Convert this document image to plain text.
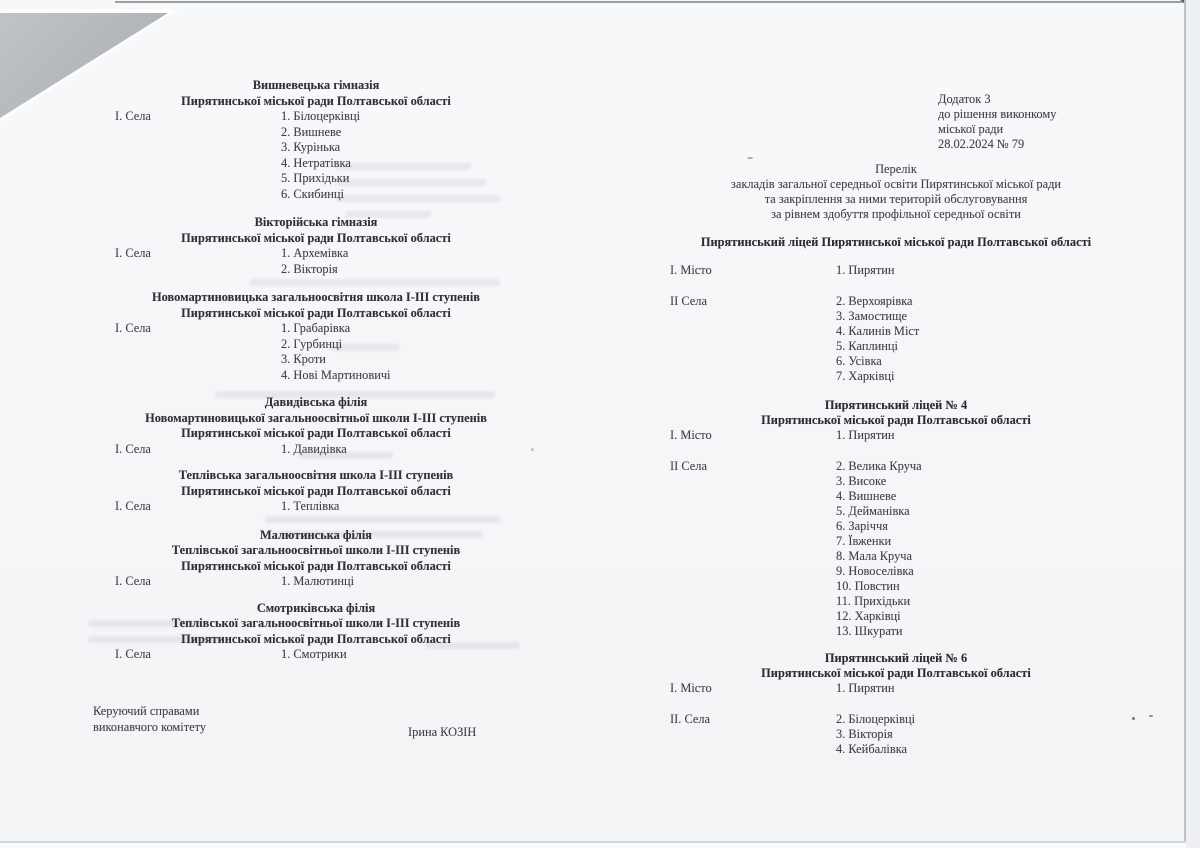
Вишневецька гімназія
Пирятинської міської ради Полтавської області
І. Села	1. Білоцерківці
2. Вишневе
3. Курінька
4. Нетратівка
5. Прихідьки
6. Скибинці
Вікторійська гімназія
Пирятинської міської ради Полтавської області
І. Села	1. Архемівка
2. Вікторія
Новомартиновицька загальноосвітня школа І-ІІІ ступенів
Пирятинської міської ради Полтавської області
І. Села	1. Грабарівка
2. Гурбинці
3. Кроти
4. Нові Мартиновичі
Давидівська філія
Новомартиновицької загальноосвітньої школи І-ІІІ ступенів
Пирятинської міської ради Полтавської області
І. Села	1. Давидівка
Теплівська загальноосвітня школа І-ІІІ ступенів
Пирятинської міської ради Полтавської області
І. Села	1. Теплівка
Малютинська філія
Теплівської загальноосвітньої школи І-ІІІ ступенів
Пирятинської міської ради Полтавської області
І. Села	1. Малютинці
Смотриківська філія
Теплівської загальноосвітньої школи І-ІІІ ступенів
Пирятинської міської ради Полтавської області
І. Села	1. Смотрики
Керуючий справами
виконавчого комітету	Ірина КОЗІН
Додаток 3
до рішення виконкому
міської ради
28.02.2024 № 79
Перелік
закладів загальної середньої освіти Пирятинської міської ради
та закріплення за ними територій обслуговування
за рівнем здобуття профільної середньої освіти
Пирятинський ліцей Пирятинської міської ради Полтавської області
І. Місто	1. Пирятин
ІІ Села	2. Верхоярівка
3. Замостище
4. Калинів Міст
5. Каплинці
6. Усівка
7. Харківці
Пирятинський ліцей № 4
Пирятинської міської ради Полтавської області
І. Місто	1. Пирятин
ІІ Села	2. Велика Круча
3. Високе
4. Вишневе
5. Дейманівка
6. Заріччя
7. Ївженки
8. Мала Круча
9. Новоселівка
10. Повстин
11. Прихідьки
12. Харківці
13. Шкурати
Пирятинський ліцей № 6
Пирятинської міської ради Полтавської області
І. Місто	1. Пирятин
ІІ. Села	2. Білоцерківці
3. Вікторія
4. Кейбалівка
